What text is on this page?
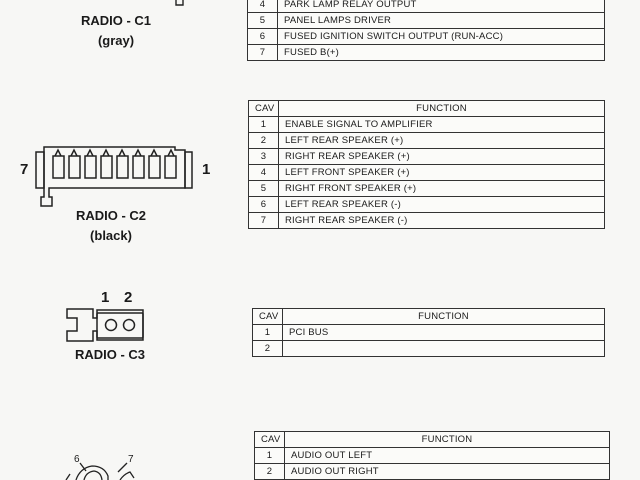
RADIO - C1
(gray)
4	PARK LAMP RELAY OUTPUT
5	PANEL LAMPS DRIVER
6	FUSED IGNITION SWITCH OUTPUT (RUN-ACC)
7	FUSED B(+)
7	1
RADIO - C2
(black)
CAV	FUNCTION
1	ENABLE SIGNAL TO AMPLIFIER
2	LEFT REAR SPEAKER (+)
3	RIGHT REAR SPEAKER (+)
4	LEFT FRONT SPEAKER (+)
5	RIGHT FRONT SPEAKER (+)
6	LEFT REAR SPEAKER (-)
7	RIGHT REAR SPEAKER (-)
1 2
RADIO - C3
CAV	FUNCTION
1	PCI BUS
2	
6	7
CAV	FUNCTION
1	AUDIO OUT LEFT
2	AUDIO OUT RIGHT
